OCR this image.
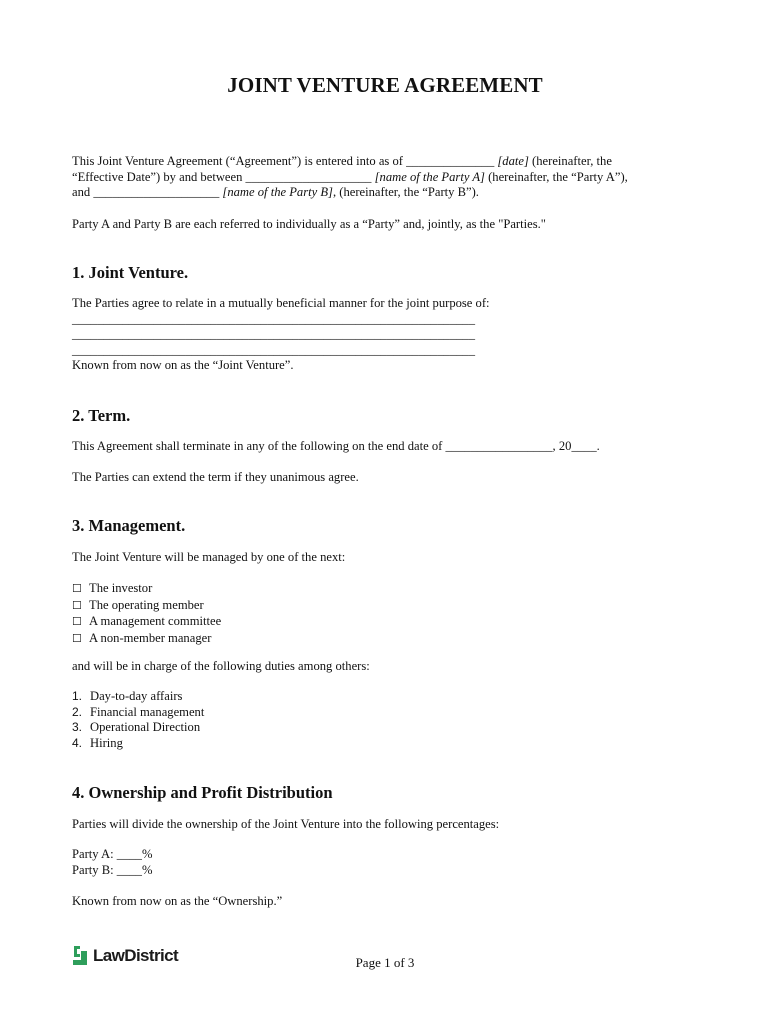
JOINT VENTURE AGREEMENT
This Joint Venture Agreement (“Agreement”) is entered into as of ______________ [date] (hereinafter, the
“Effective Date”) by and between ____________________ [name of the Party A] (hereinafter, the “Party A”),
and ____________________ [name of the Party B], (hereinafter, the “Party B”).
Party A and Party B are each referred to individually as a “Party” and, jointly, as the "Parties."
1. Joint Venture.
The Parties agree to relate in a mutually beneficial manner for the joint purpose of:
________________________________________________________________
________________________________________________________________
________________________________________________________________
Known from now on as the “Joint Venture”.
2. Term.
This Agreement shall terminate in any of the following on the end date of _________________, 20____.
The Parties can extend the term if they unanimous agree.
3. Management.
The Joint Venture will be managed by one of the next:
☐ The investor
☐ The operating member
☐ A management committee
☐ A non-member manager
and will be in charge of the following duties among others:
1. Day-to-day affairs
2. Financial management
3. Operational Direction
4. Hiring
4. Ownership and Profit Distribution
Parties will divide the ownership of the Joint Venture into the following percentages:
Party A: ____%
Party B: ____%
Known from now on as the “Ownership.”
LawDistrict	Page 1 of 3
